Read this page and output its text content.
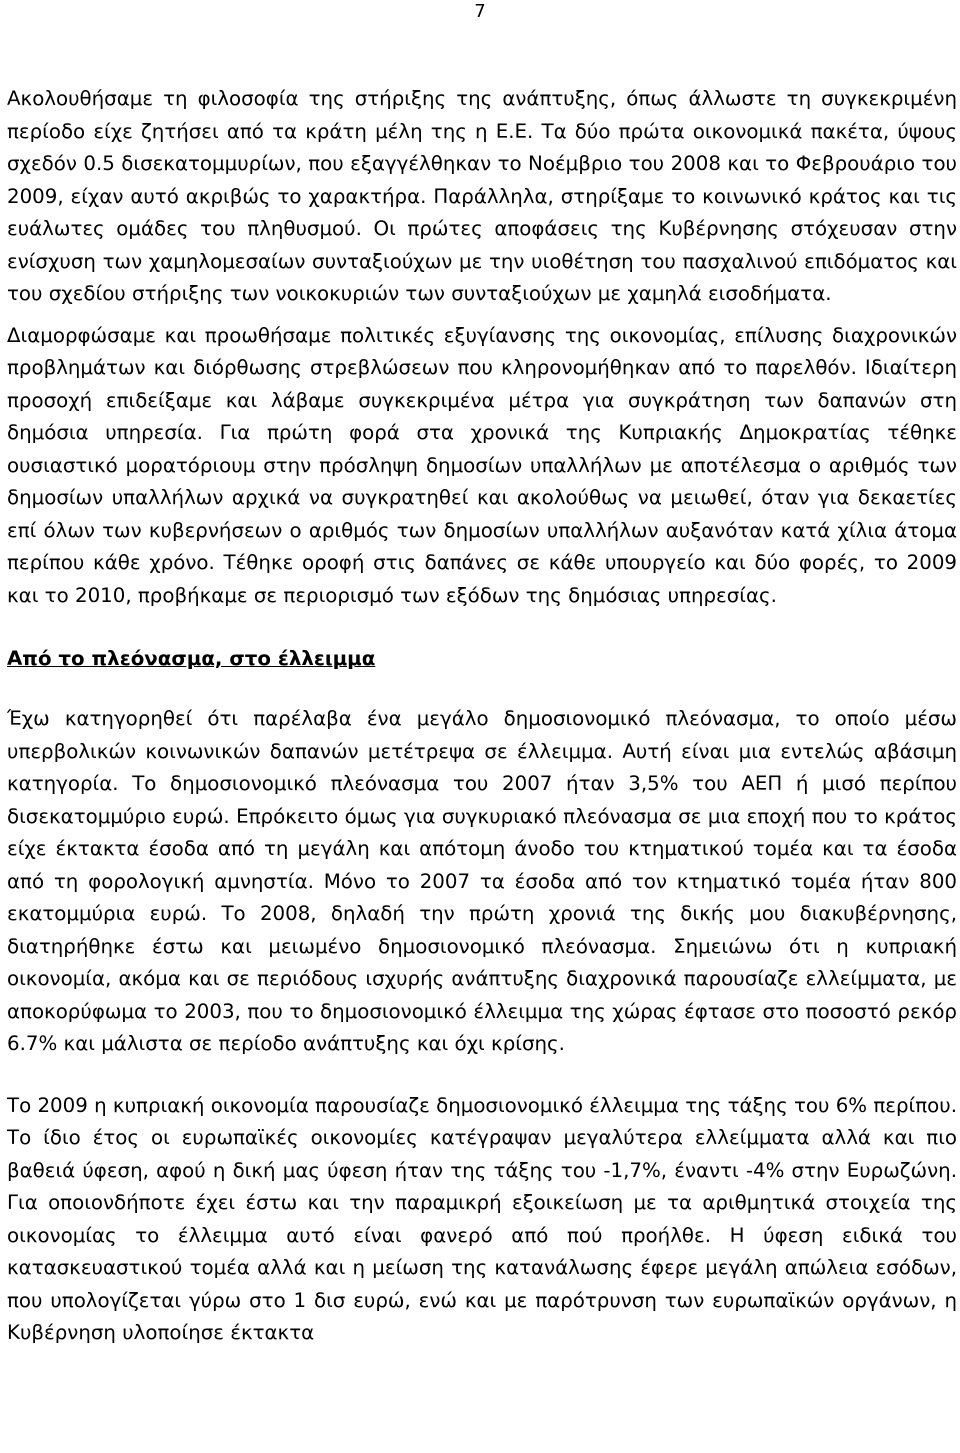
7

Ακολουθήσαμε τη φιλοσοφία της στήριξης της ανάπτυξης, όπως άλλωστε τη συγκεκριμένη περίοδο είχε ζητήσει από τα κράτη μέλη της η Ε.Ε. Τα δύο πρώτα οικονομικά πακέτα, ύψους σχεδόν 0.5 δισεκατομμυρίων, που εξαγγέλθηκαν το Νοέμβριο του 2008 και το Φεβρουάριο του 2009, είχαν αυτό ακριβώς το χαρακτήρα. Παράλληλα, στηρίξαμε το κοινωνικό κράτος και τις ευάλωτες ομάδες του πληθυσμού. Οι πρώτες αποφάσεις της Κυβέρνησης στόχευσαν στην ενίσχυση των χαμηλομεσαίων συνταξιούχων με την υιοθέτηση του πασχαλινού επιδόματος και του σχεδίου στήριξης των νοικοκυριών των συνταξιούχων με χαμηλά εισοδήματα.

Διαμορφώσαμε και προωθήσαμε πολιτικές εξυγίανσης της οικονομίας, επίλυσης διαχρονικών προβλημάτων και διόρθωσης στρεβλώσεων που κληρονομήθηκαν από το παρελθόν. Ιδιαίτερη προσοχή επιδείξαμε και λάβαμε συγκεκριμένα μέτρα για συγκράτηση των δαπανών στη δημόσια υπηρεσία. Για πρώτη φορά στα χρονικά της Κυπριακής Δημοκρατίας τέθηκε ουσιαστικό μορατόριουμ στην πρόσληψη δημοσίων υπαλλήλων με αποτέλεσμα ο αριθμός των δημοσίων υπαλλήλων αρχικά να συγκρατηθεί και ακολούθως να μειωθεί, όταν για δεκαετίες επί όλων των κυβερνήσεων ο αριθμός των δημοσίων υπαλλήλων αυξανόταν κατά χίλια άτομα περίπου κάθε χρόνο. Τέθηκε οροφή στις δαπάνες σε κάθε υπουργείο και δύο φορές, το 2009 και το 2010, προβήκαμε σε περιορισμό των εξόδων της δημόσιας υπηρεσίας.

Από το πλεόνασμα, στο έλλειμμα

Έχω κατηγορηθεί ότι παρέλαβα ένα μεγάλο δημοσιονομικό πλεόνασμα, το οποίο μέσω υπερβολικών κοινωνικών δαπανών μετέτρεψα σε έλλειμμα. Αυτή είναι μια εντελώς αβάσιμη κατηγορία. Το δημοσιονομικό πλεόνασμα του 2007 ήταν 3,5% του ΑΕΠ ή μισό περίπου δισεκατομμύριο ευρώ. Επρόκειτο όμως για συγκυριακό πλεόνασμα σε μια εποχή που το κράτος είχε έκτακτα έσοδα από τη μεγάλη και απότομη άνοδο του κτηματικού τομέα και τα έσοδα από τη φορολογική αμνηστία. Μόνο το 2007 τα έσοδα από τον κτηματικό τομέα ήταν 800 εκατομμύρια ευρώ. Το 2008, δηλαδή την πρώτη χρονιά της δικής μου διακυβέρνησης, διατηρήθηκε έστω και μειωμένο δημοσιονομικό πλεόνασμα. Σημειώνω ότι η κυπριακή οικονομία, ακόμα και σε περιόδους ισχυρής ανάπτυξης διαχρονικά παρουσίαζε ελλείμματα, με αποκορύφωμα το 2003, που το δημοσιονομικό έλλειμμα της χώρας έφτασε στο ποσοστό ρεκόρ 6.7% και μάλιστα σε περίοδο ανάπτυξης και όχι κρίσης.

Το 2009 η κυπριακή οικονομία παρουσίαζε δημοσιονομικό έλλειμμα της τάξης του 6% περίπου. Το ίδιο έτος οι ευρωπαϊκές οικονομίες κατέγραψαν μεγαλύτερα ελλείμματα αλλά και πιο βαθειά ύφεση, αφού η δική μας ύφεση ήταν της τάξης του -1,7%, έναντι -4% στην Ευρωζώνη. Για οποιονδήποτε έχει έστω και την παραμικρή εξοικείωση με τα αριθμητικά στοιχεία της οικονομίας το έλλειμμα αυτό είναι φανερό από πού προήλθε. Η ύφεση ειδικά του κατασκευαστικού τομέα αλλά και η μείωση της κατανάλωσης έφερε μεγάλη απώλεια εσόδων, που υπολογίζεται γύρω στο 1 δισ ευρώ, ενώ και με παρότρυνση των ευρωπαϊκών οργάνων, η Κυβέρνηση υλοποίησε έκτακτα
